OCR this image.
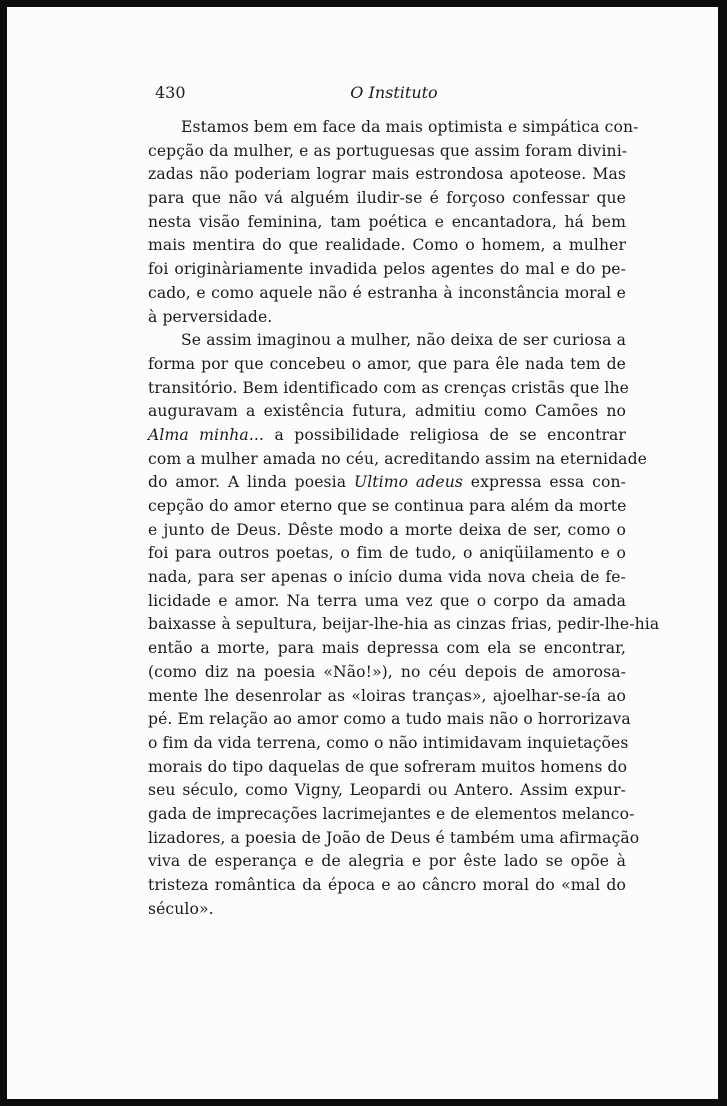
430	O Instituto
Estamos bem em face da mais optimista e simpática con-
cepção da mulher, e as portuguesas que assim foram divini-
zadas não poderiam lograr mais estrondosa apoteose. Mas
para que não vá alguém iludir-se é forçoso confessar que
nesta visão feminina, tam poética e encantadora, há bem
mais mentira do que realidade. Como o homem, a mulher
foi originàriamente invadida pelos agentes do mal e do pe-
cado, e como aquele não é estranha à inconstância moral e
à perversidade.
Se assim imaginou a mulher, não deixa de ser curiosa a
forma por que concebeu o amor, que para êle nada tem de
transitório. Bem identificado com as crenças cristãs que lhe
auguravam a existência futura, admitiu como Camões no
Alma minha... a possibilidade religiosa de se encontrar
com a mulher amada no céu, acreditando assim na eternidade
do amor. A linda poesia Ultimo adeus expressa essa con-
cepção do amor eterno que se continua para além da morte
e junto de Deus. Dêste modo a morte deixa de ser, como o
foi para outros poetas, o fim de tudo, o aniqüilamento e o
nada, para ser apenas o início duma vida nova cheia de fe-
licidade e amor. Na terra uma vez que o corpo da amada
baixasse à sepultura, beijar-lhe-hia as cinzas frias, pedir-lhe-hia
então a morte, para mais depressa com ela se encontrar,
(como diz na poesia «Não!»), no céu depois de amorosa-
mente lhe desenrolar as «loiras tranças», ajoelhar-se-ía ao
pé. Em relação ao amor como a tudo mais não o horrorizava
o fim da vida terrena, como o não intimidavam inquietações
morais do tipo daquelas de que sofreram muitos homens do
seu século, como Vigny, Leopardi ou Antero. Assim expur-
gada de imprecações lacrimejantes e de elementos melanco-
lizadores, a poesia de João de Deus é também uma afirmação
viva de esperança e de alegria e por êste lado se opõe à
tristeza romântica da época e ao câncro moral do «mal do
século».
